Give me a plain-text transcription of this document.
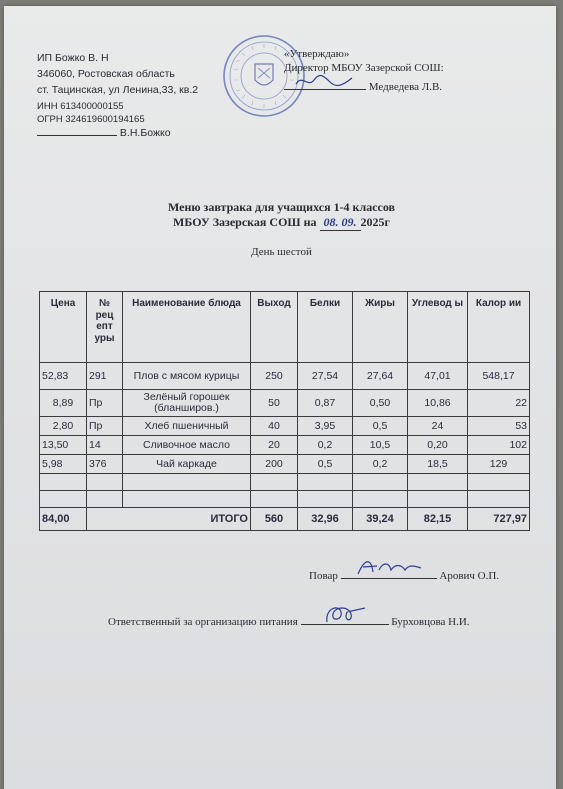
ИП Божко В. Н
346060, Ростовская область
ст. Тацинская, ул Ленина,33, кв.2
ИНН 613400000155
ОГРН 324619600194165
В.Н.Божко
«Утверждаю»
Директор МБОУ Зазерской СОШ:
Медведева Л.В.
Меню завтрака для учащихся 1-4 классов
МБОУ Зазерская СОШ на 08. 09. 2025г
День шестой
Цена	№ рец епт уры	Наименование блюда	Выход	Белки	Жиры	Углевод ы	Калор ии
52,83	291	Плов с мясом курицы	250	27,54	27,64	47,01	548,17
8,89	Пр	Зелёный горошек (бланширов.)	50	0,87	0,50	10,86	22
2,80	Пр	Хлеб пшеничный	40	3,95	0,5	24	53
13,50	14	Сливочное масло	20	0,2	10,5	0,20	102
5,98	376	Чай каркаде	200	0,5	0,2	18,5	129

84,00	ИТОГО		560	32,96	39,24	82,15	727,97
Повар	Арович О.П.
Ответственный за организацию питания	Бурховцова Н.И.
